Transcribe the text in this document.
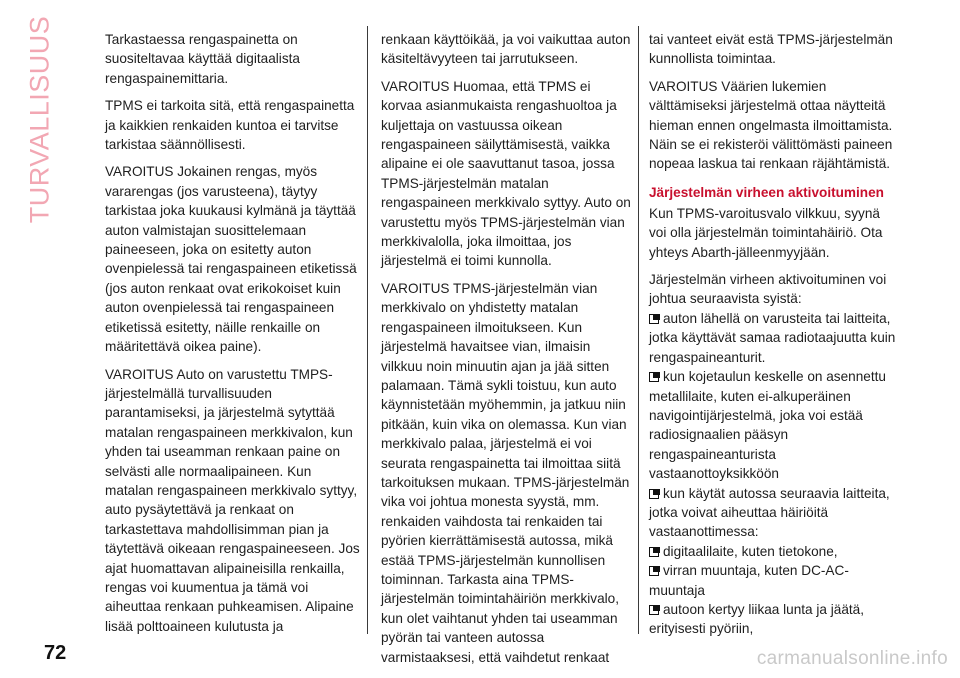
TURVALLISUUS	Tarkastaessa rengaspainetta on suositeltavaa käyttää digitaalista rengaspainemittaria.

TPMS ei tarkoita sitä, että rengaspainetta ja kaikkien renkaiden kuntoa ei tarvitse tarkistaa säännöllisesti.

VAROITUS Jokainen rengas, myös vararengas (jos varusteena), täytyy tarkistaa joka kuukausi kylmänä ja täyttää auton valmistajan suosittelemaan paineeseen, joka on esitetty auton ovenpielessä tai rengaspaineen etiketissä (jos auton renkaat ovat erikokoiset kuin auton ovenpielessä tai rengaspaineen etiketissä esitetty, näille renkaille on määritettävä oikea paine).

VAROITUS Auto on varustettu TMPS-järjestelmällä turvallisuuden parantamiseksi, ja järjestelmä sytyttää matalan rengaspaineen merkkivalon, kun yhden tai useamman renkaan paine on selvästi alle normaalipaineen. Kun matalan rengaspaineen merkkivalo syttyy, auto pysäytettävä ja renkaat on tarkastettava mahdollisimman pian ja täytettävä oikeaan rengaspaineeseen. Jos ajat huomattavan alipaineisilla renkailla, rengas voi kuumentua ja tämä voi aiheuttaa renkaan puhkeamisen. Alipaine lisää polttoaineen kulutusta ja

renkaan käyttöikää, ja voi vaikuttaa auton käsiteltävyyteen tai jarrutukseen.

VAROITUS Huomaa, että TPMS ei korvaa asianmukaista rengashuoltoa ja kuljettaja on vastuussa oikean rengaspaineen säilyttämisestä, vaikka alipaine ei ole saavuttanut tasoa, jossa TPMS-järjestelmän matalan rengaspaineen merkkivalo syttyy. Auto on varustettu myös TPMS-järjestelmän vian merkkivalolla, joka ilmoittaa, jos järjestelmä ei toimi kunnolla.

VAROITUS TPMS-järjestelmän vian merkkivalo on yhdistetty matalan rengaspaineen ilmoitukseen. Kun järjestelmä havaitsee vian, ilmaisin vilkkuu noin minuutin ajan ja jää sitten palamaan. Tämä sykli toistuu, kun auto käynnistetään myöhemmin, ja jatkuu niin pitkään, kuin vika on olemassa. Kun vian merkkivalo palaa, järjestelmä ei voi seurata rengaspainetta tai ilmoittaa siitä tarkoituksen mukaan. TPMS-järjestelmän vika voi johtua monesta syystä, mm. renkaiden vaihdosta tai renkaiden tai pyörien kierrättämisestä autossa, mikä estää TPMS-järjestelmän kunnollisen toiminnan. Tarkasta aina TPMS-järjestelmän toimintahäiriön merkkivalo, kun olet vaihtanut yhden tai useamman pyörän tai vanteen autossa varmistaaksesi, että vaihdetut renkaat

tai vanteet eivät estä TPMS-järjestelmän kunnollista toimintaa.

VAROITUS Väärien lukemien välttämiseksi järjestelmä ottaa näytteitä hieman ennen ongelmasta ilmoittamista. Näin se ei rekisteröi välittömästi paineen nopeaa laskua tai renkaan räjähtämistä.

Järjestelmän virheen aktivoituminen

Kun TPMS-varoitusvalo vilkkuu, syynä voi olla järjestelmän toimintahäiriö. Ota yhteys Abarth-jälleenmyyjään.

Järjestelmän virheen aktivoituminen voi johtua seuraavista syistä:

auton lähellä on varusteita tai laitteita, jotka käyttävät samaa radiotaajuutta kuin rengaspaineanturit.
kun kojetaulun keskelle on asennettu metallilaite, kuten ei-alkuperäinen navigointijärjestelmä, joka voi estää radiosignaalien pääsyn rengaspaineanturista vastaanottoyksikköön
kun käytät autossa seuraavia laitteita, jotka voivat aiheuttaa häiriöitä vastaanottimessa:
digitaalilaite, kuten tietokone,
virran muuntaja, kuten DC-AC-muuntaja
autoon kertyy liikaa lunta ja jäätä, erityisesti pyöriin,
72	carmanualsonline.info
